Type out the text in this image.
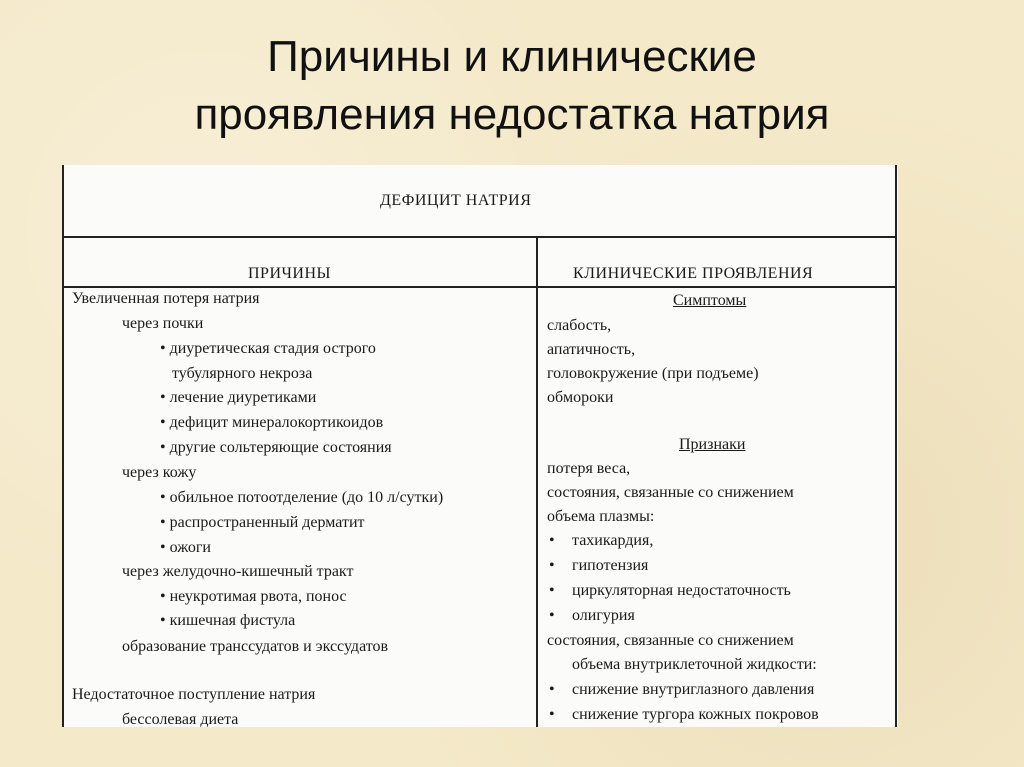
Причины и клинические
проявления недостатка натрия
ДЕФИЦИТ НАТРИЯ
ПРИЧИНЫ	КЛИНИЧЕСКИЕ ПРОЯВЛЕНИЯ
Увеличенная потеря натрия
через почки
• диуретическая стадия острого
тубулярного некроза
• лечение диуретиками
• дефицит минералокортикоидов
• другие сольтеряющие состояния
через кожу
• обильное потоотделение (до 10 л/сутки)
• распространенный дерматит
• ожоги
через желудочно-кишечный тракт
• неукротимая рвота, понос
• кишечная фистула
образование транссудатов и экссудатов
Недостаточное поступление натрия
бессолевая диета
Симптомы
слабость,
апатичность,
головокружение (при подъеме)
обмороки
Признаки
потеря веса,
состояния, связанные со снижением
объема плазмы:
• тахикардия,
• гипотензия
• циркуляторная недостаточность
• олигурия
состояния, связанные со снижением
объема внутриклеточной жидкости:
• снижение внутриглазного давления
• снижение тургора кожных покровов
